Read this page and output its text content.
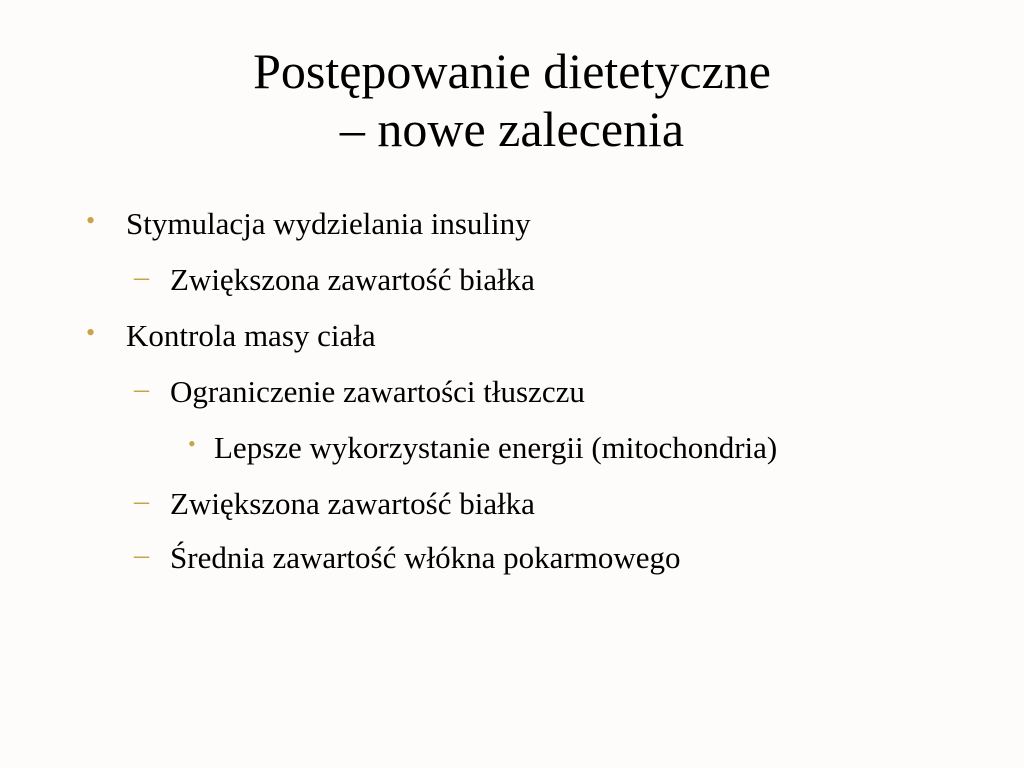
Postępowanie dietetyczne
– nowe zalecenia
• Stymulacja wydzielania insuliny
– Zwiększona zawartość białka
• Kontrola masy ciała
– Ograniczenie zawartości tłuszczu
• Lepsze wykorzystanie energii (mitochondria)
– Zwiększona zawartość białka
– Średnia zawartość włókna pokarmowego
